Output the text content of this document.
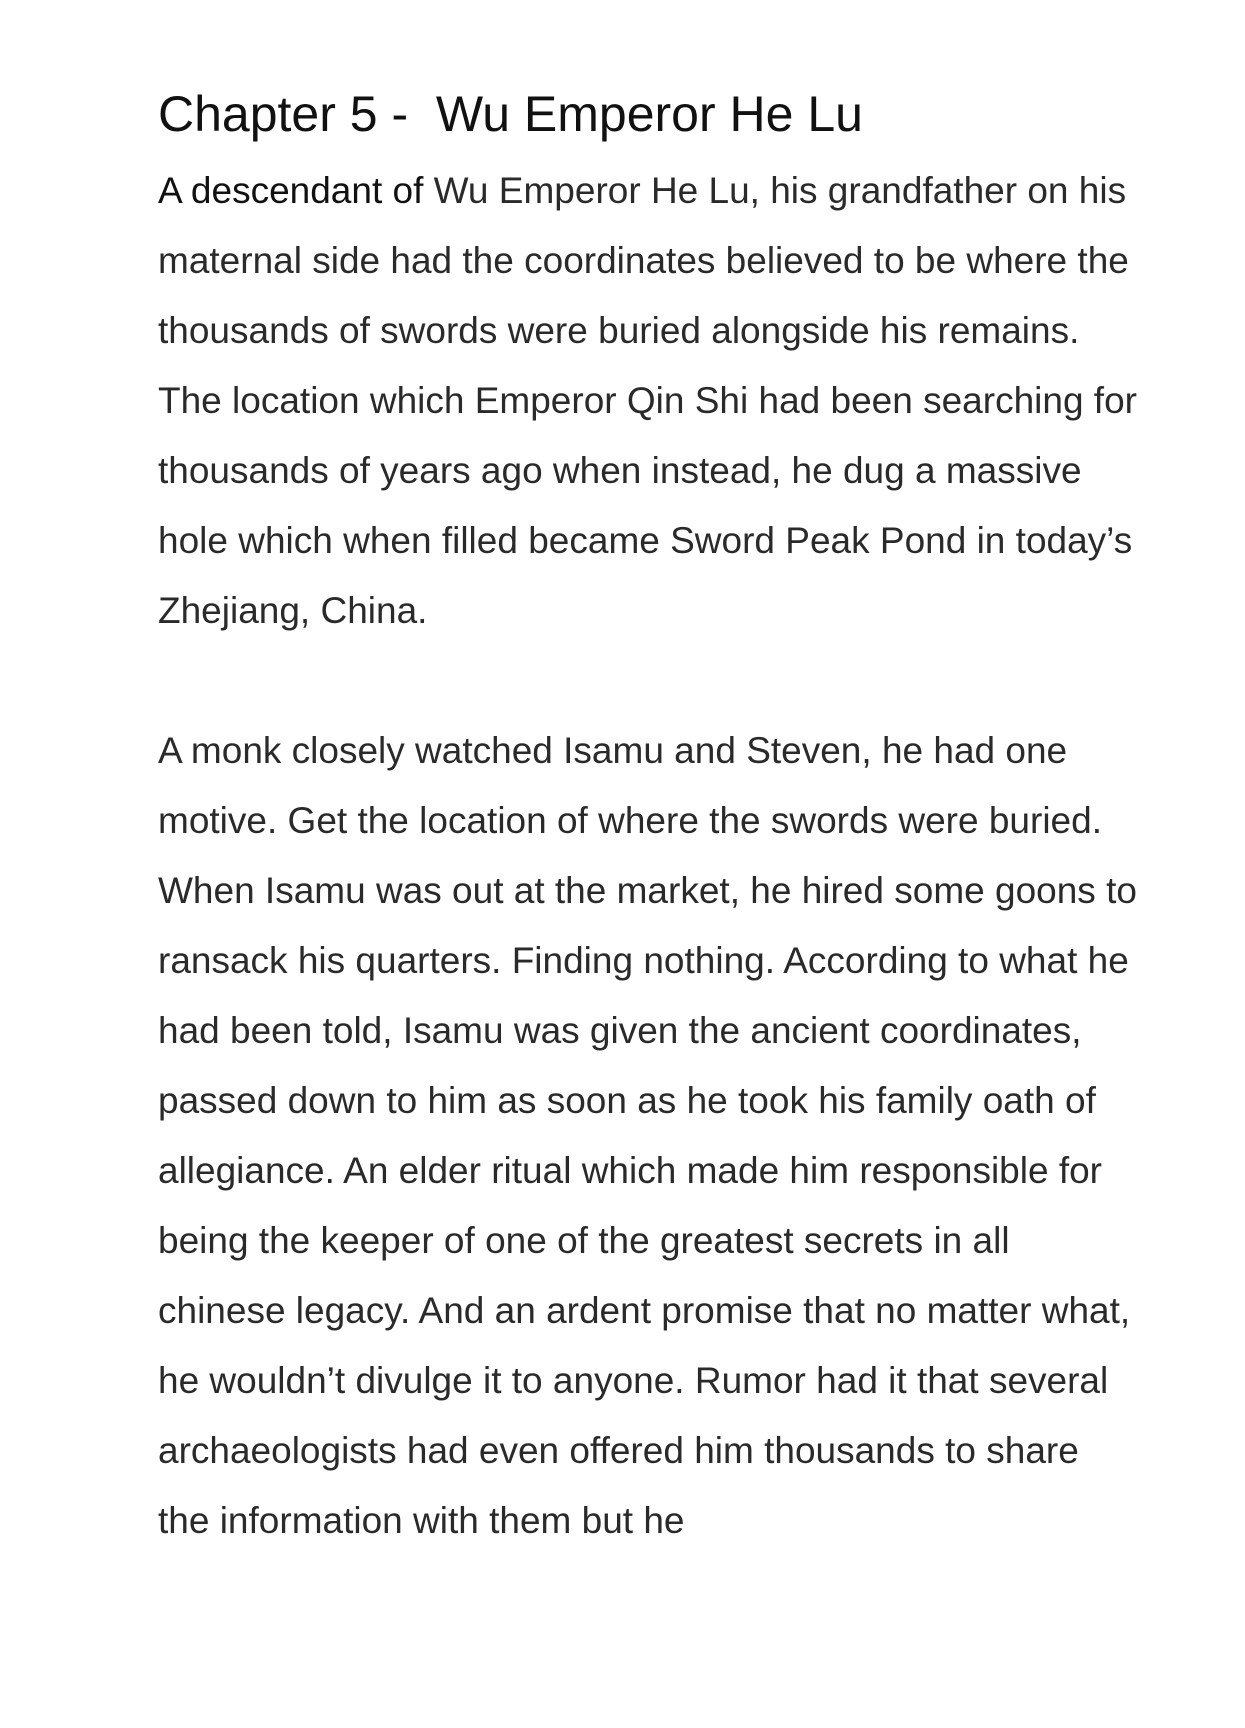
Chapter 5 -  Wu Emperor He Lu

A descendant of Wu Emperor He Lu, his grandfather on his maternal side had the coordinates believed to be where the thousands of swords were buried alongside his remains. The location which Emperor Qin Shi had been searching for thousands of years ago when instead, he dug a massive hole which when filled became Sword Peak Pond in today’s Zhejiang, China.

A monk closely watched Isamu and Steven, he had one motive. Get the location of where the swords were buried. When Isamu was out at the market, he hired some goons to ransack his quarters. Finding nothing. According to what he had been told, Isamu was given the ancient coordinates, passed down to him as soon as he took his family oath of allegiance. An elder ritual which made him responsible for being the keeper of one of the greatest secrets in all chinese legacy. And an ardent promise that no matter what, he wouldn’t divulge it to anyone. Rumor had it that several archaeologists had even offered him thousands to share the information with them but he
